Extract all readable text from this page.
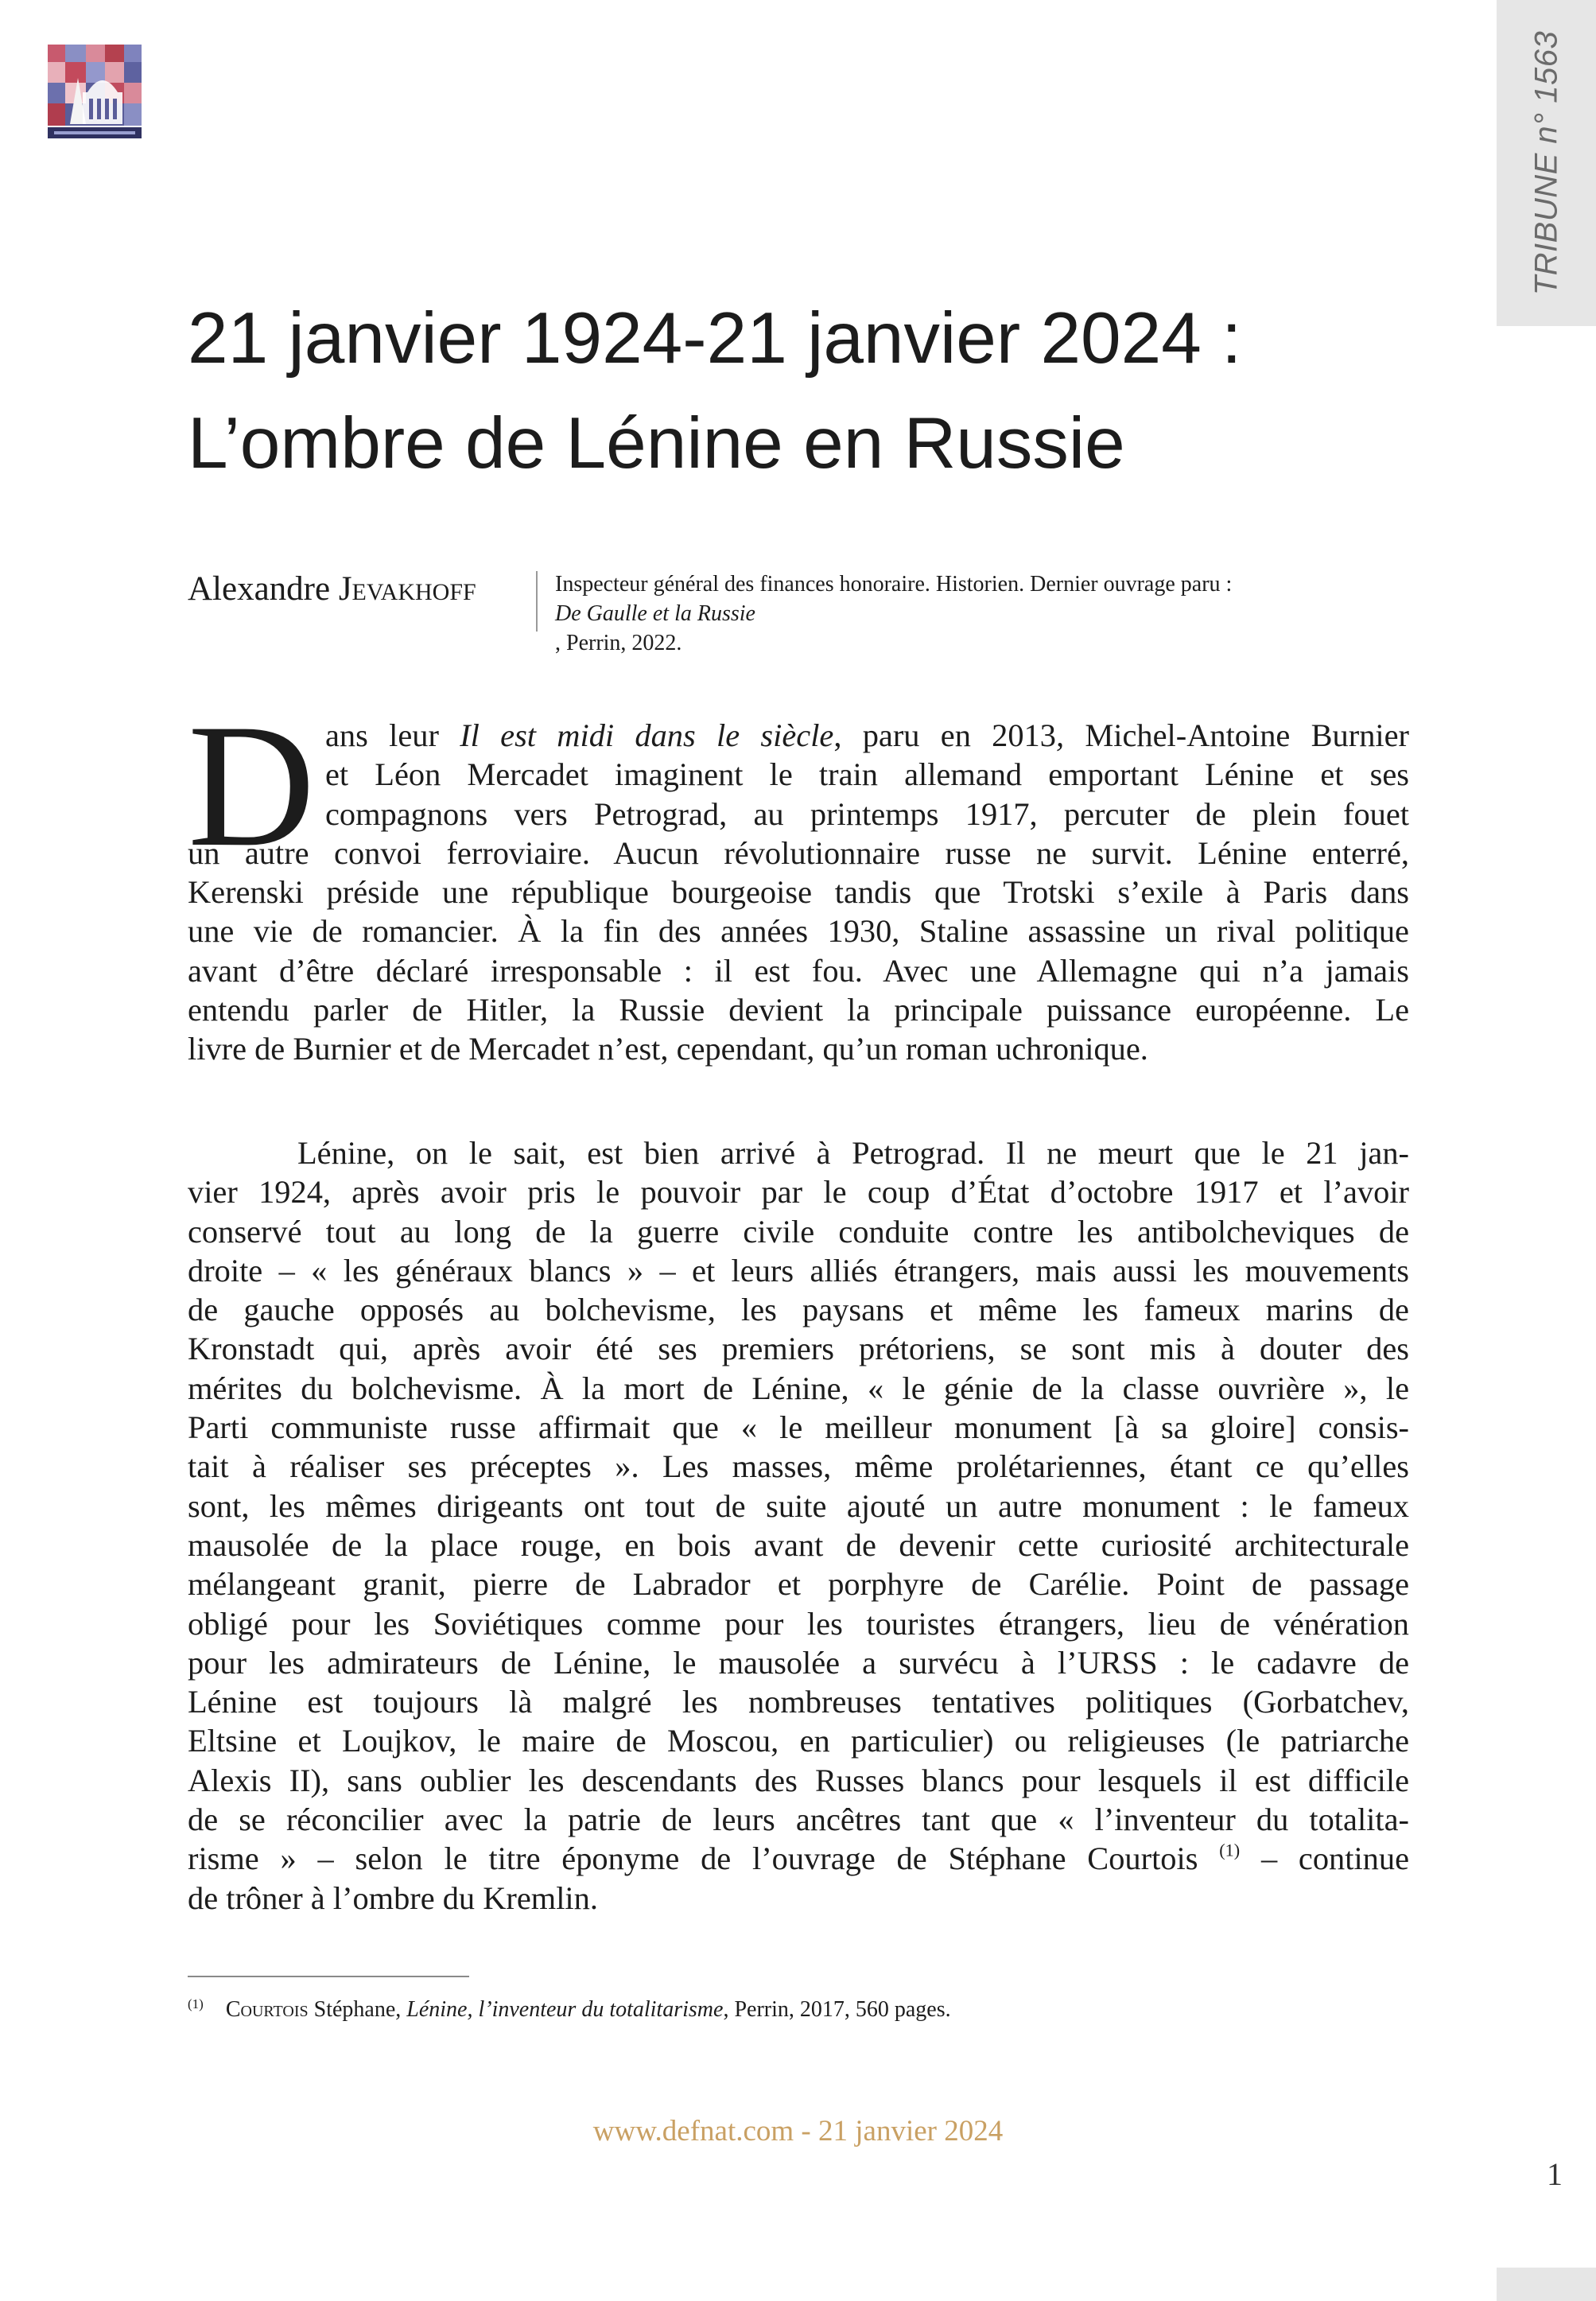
TRIBUNE n° 1563
21 janvier 1924-21 janvier 2024 :
L’ombre de Lénine en Russie
Alexandre Jevakhoff	Inspecteur général des finances honoraire. Historien. Dernier ouvrage paru :
De Gaulle et la Russie
, Perrin, 2022.
D ans leur Il est midi dans le siècle, paru en 2013, Michel-Antoine Burnier
et Léon Mercadet imaginent le train allemand emportant Lénine et ses
compagnons vers Petrograd, au printemps 1917, percuter de plein fouet
un autre convoi ferroviaire. Aucun révolutionnaire russe ne survit. Lénine enterré,
Kerenski préside une république bourgeoise tandis que Trotski s’exile à Paris dans
une vie de romancier. À la fin des années 1930, Staline assassine un rival politique
avant d’être déclaré irresponsable : il est fou. Avec une Allemagne qui n’a jamais
entendu parler de Hitler, la Russie devient la principale puissance européenne. Le
livre de Burnier et de Mercadet n’est, cependant, qu’un roman uchronique.
Lénine, on le sait, est bien arrivé à Petrograd. Il ne meurt que le 21 jan-
vier 1924, après avoir pris le pouvoir par le coup d’État d’octobre 1917 et l’avoir
conservé tout au long de la guerre civile conduite contre les antibolcheviques de
droite – « les généraux blancs » – et leurs alliés étrangers, mais aussi les mouvements
de gauche opposés au bolchevisme, les paysans et même les fameux marins de
Kronstadt qui, après avoir été ses premiers prétoriens, se sont mis à douter des
mérites du bolchevisme. À la mort de Lénine, « le génie de la classe ouvrière », le
Parti communiste russe affirmait que « le meilleur monument [à sa gloire] consis-
tait à réaliser ses préceptes ». Les masses, même prolétariennes, étant ce qu’elles
sont, les mêmes dirigeants ont tout de suite ajouté un autre monument : le fameux
mausolée de la place rouge, en bois avant de devenir cette curiosité architecturale
mélangeant granit, pierre de Labrador et porphyre de Carélie. Point de passage
obligé pour les Soviétiques comme pour les touristes étrangers, lieu de vénération
pour les admirateurs de Lénine, le mausolée a survécu à l’URSS : le cadavre de
Lénine est toujours là malgré les nombreuses tentatives politiques (Gorbatchev,
Eltsine et Loujkov, le maire de Moscou, en particulier) ou religieuses (le patriarche
Alexis II), sans oublier les descendants des Russes blancs pour lesquels il est difficile
de se réconcilier avec la patrie de leurs ancêtres tant que « l’inventeur du totalita-
risme » – selon le titre éponyme de l’ouvrage de Stéphane Courtois $^{(1)}$ – continue
de trôner à l’ombre du Kremlin.
$^{(1)}$ Courtois Stéphane, Lénine, l’inventeur du totalitarisme, Perrin, 2017, 560 pages.
www.defnat.com - 21 janvier 2024
1
